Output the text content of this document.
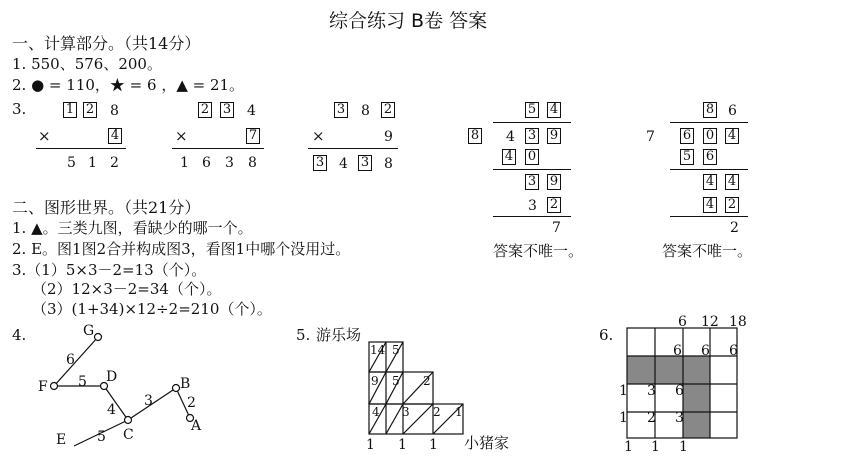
综合练习 B卷 答案
一、计算部分。（共14分）
1. 550、576、200。
2. ● = 110，★ = 6 ，▲ = 21。
3.	1 2 8
×	4
5 1 2
2 3 4
×	7
1 6 3 8
3 8 2
×	9
3 4 3 8
5 4
8 4 3 9
4 0
3 9
3 2
7
答案不唯一。
8 6
7 6 0 4
5 6
4 4
4 2
2
答案不唯一。
二、图形世界。（共21分）
1. ▲。三类九图，看缺少的哪一个。
2. E。图1图2合并构成图3，看图1中哪个没用过。
3.（1）5×3－2=13（个）。
（2）12×3－2=34（个）。
（3）(1+34)×12÷2=210（个）。
4.	G
F
D	B
A
C
E
6
5
4
3 2
5
5. 游乐场
14 5
9 5 2
4 3 2 1
1 1 1 小猪家
6.
6 12 18
6 6 6
1 3 6
1 2 3
1 1 1
